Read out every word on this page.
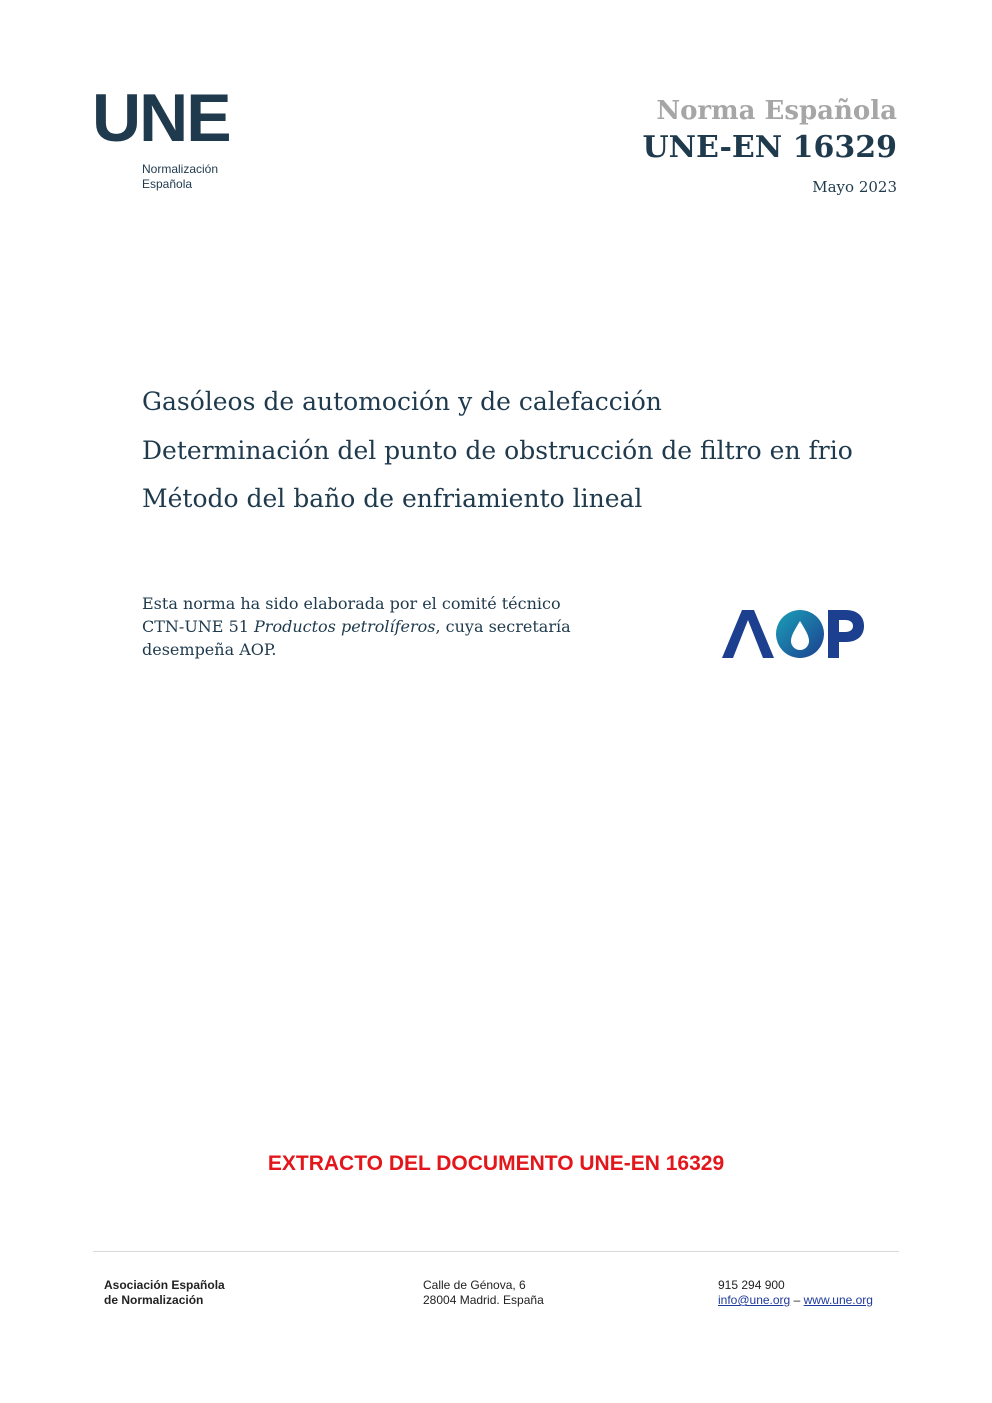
UNE
Normalización
Española
Norma Española
UNE-EN 16329
Mayo 2023
Gasóleos de automoción y de calefacción
Determinación del punto de obstrucción de filtro en frio
Método del baño de enfriamiento lineal
Esta norma ha sido elaborada por el comité técnico
CTN-UNE 51 Productos petrolíferos, cuya secretaría
desempeña AOP.
EXTRACTO DEL DOCUMENTO UNE-EN 16329
Asociación Española
de Normalización
Calle de Génova, 6
28004 Madrid. España
915 294 900
info@une.org – www.une.org
